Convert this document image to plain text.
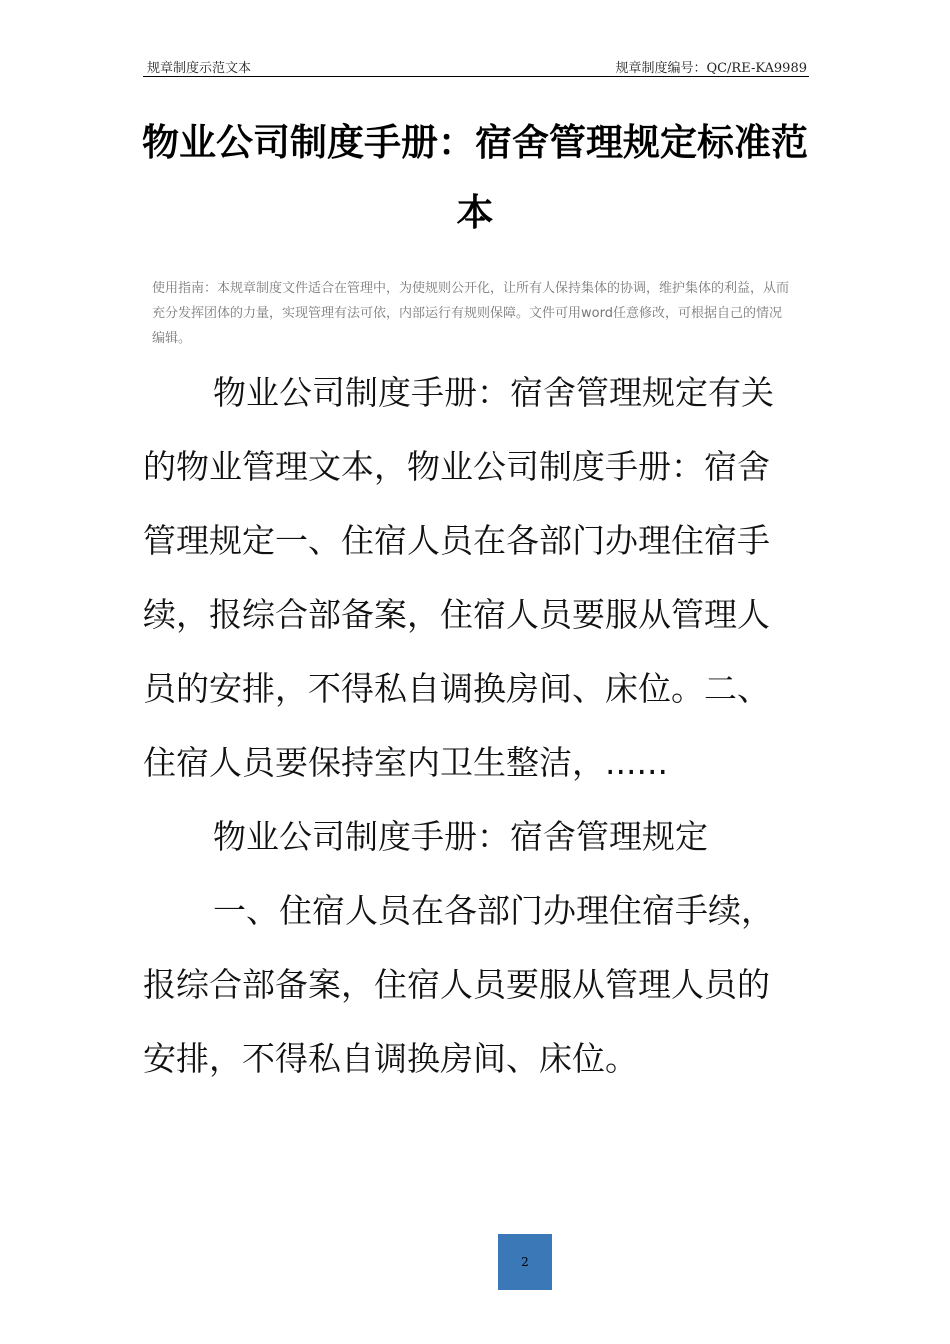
规章制度示范文本	规章制度编号：QC/RE-KA9989
物业公司制度手册：宿舍管理规定标准范本
使用指南：本规章制度文件适合在管理中，为使规则公开化，让所有人保持集体的协调，维护集体的利益，从而充分发挥团体的力量，实现管理有法可依，内部运行有规则保障。文件可用word任意修改，可根据自己的情况编辑。

物业公司制度手册：宿舍管理规定有关的物业管理文本，物业公司制度手册：宿舍管理规定一、住宿人员在各部门办理住宿手续，报综合部备案，住宿人员要服从管理人员的安排，不得私自调换房间、床位。二、住宿人员要保持室内卫生整洁，......

物业公司制度手册：宿舍管理规定

一、住宿人员在各部门办理住宿手续，报综合部备案，住宿人员要服从管理人员的安排，不得私自调换房间、床位。

2
